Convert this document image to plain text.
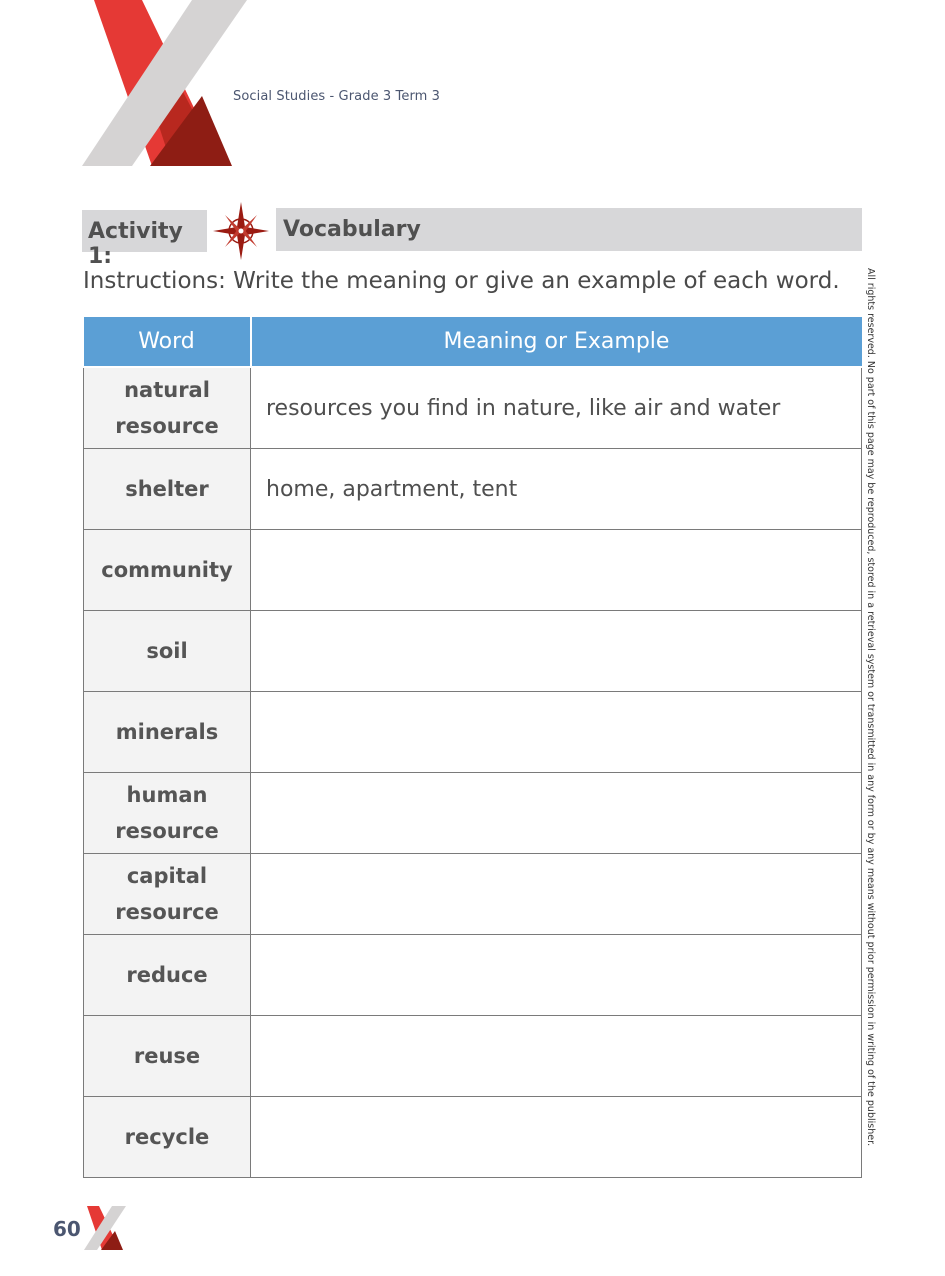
Social Studies - Grade 3 Term 3
Activity 1:
Vocabulary
Instructions: Write the meaning or give an example of each word.
Word	Meaning or Example
natural resource	resources you find in nature, like air and water
shelter	home, apartment, tent
community	
soil	
minerals	
human resource	
capital resource	
reduce	
reuse	
recycle		All rights reserved. No part of this page may be reproduced, stored in a retrieval system or transmitted in any form or by any means without prior permission in writing of the publisher.
60
